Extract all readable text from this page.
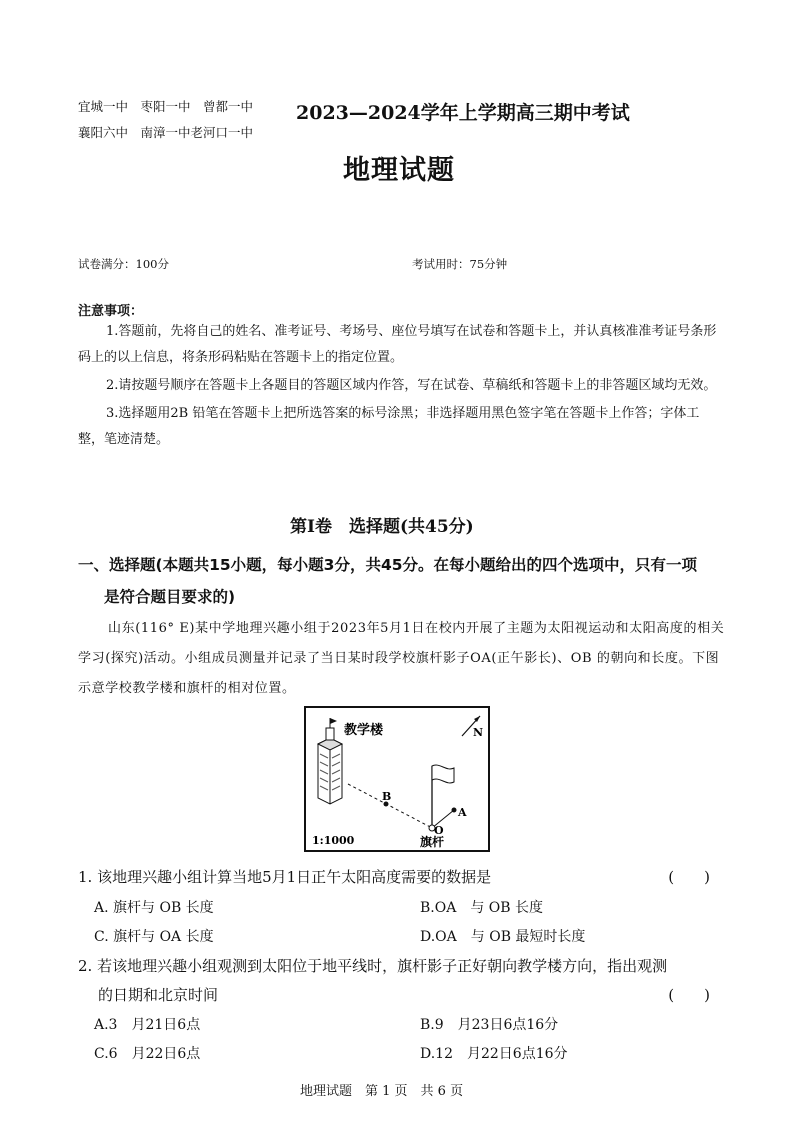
宜城一中　枣阳一中　曾都一中
襄阳六中　南漳一中老河口一中
2023—2024学年上学期高三期中考试
地理试题
试卷满分：100分	考试用时：75分钟
注意事项：

1.答题前，先将自己的姓名、准考证号、考场号、座位号填写在试卷和答题卡上，并认真核准准考证号条形码上的以上信息，将条形码粘贴在答题卡上的指定位置。

2.请按题号顺序在答题卡上各题目的答题区域内作答，写在试卷、草稿纸和答题卡上的非答题区域均无效。

3.选择题用2B 铅笔在答题卡上把所选答案的标号涂黑；非选择题用黑色签字笔在答题卡上作答；字体工整，笔迹清楚。

第Ⅰ卷　选择题(共45分)
一、选择题(本题共15小题，每小题3分，共45分。在每小题给出的四个选项中，只有一项
是符合题目要求的)

山东(116° E)某中学地理兴趣小组于2023年5月1日在校内开展了主题为太阳视运动和太阳高度的相关学习(探究)活动。小组成员测量并记录了当日某时段学校旗杆影子OA(正午影长)、OB 的朝向和长度。下图示意学校教学楼和旗杆的相对位置。

教学楼	N
B
A
O
1:1000	旗杆
1. 该地理兴趣小组计算当地5月1日正午太阳高度需要的数据是	(　　)
A. 旗杆与 OB 长度	B.OA　与 OB 长度
C. 旗杆与 OA 长度	D.OA　与 OB 最短时长度
2. 若该地理兴趣小组观测到太阳位于地平线时，旗杆影子正好朝向教学楼方向，指出观测
的日期和北京时间	(　　)
A.3　月21日6点	B.9　月23日6点16分
C.6　月22日6点	D.12　月22日6点16分
地理试题　第 1 页　共 6 页
